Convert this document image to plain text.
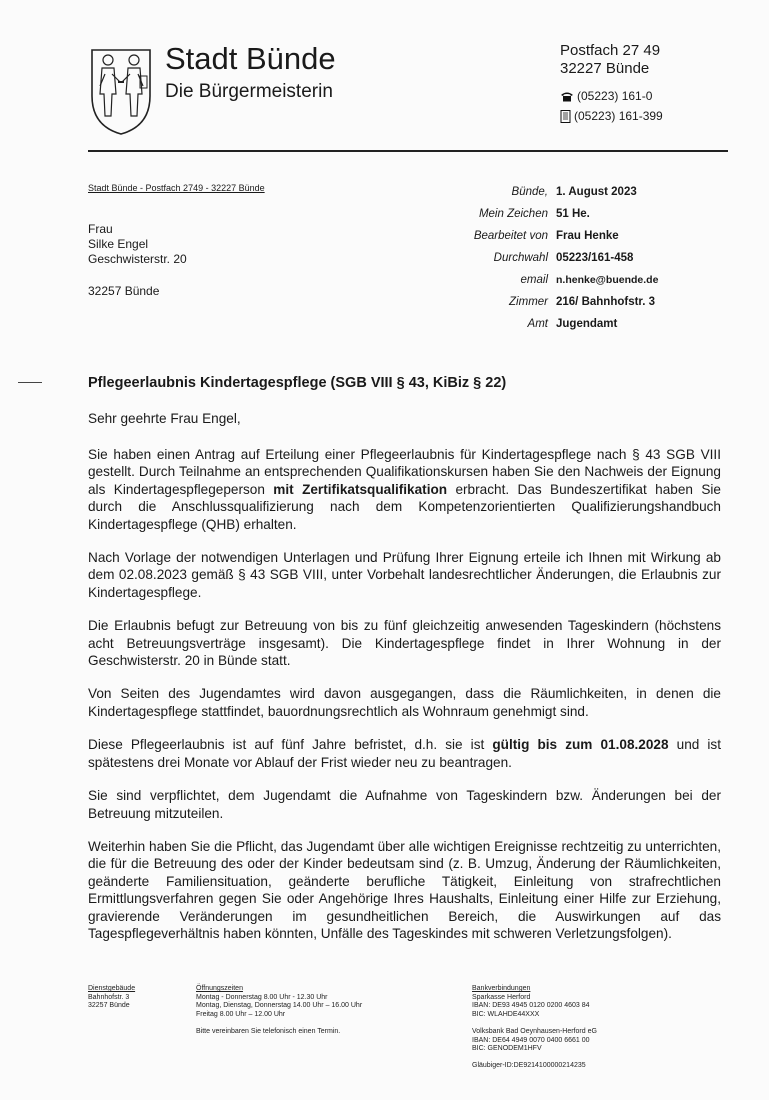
Stadt Bünde
Die Bürgermeisterin
Postfach 27 49
32227 Bünde
(05223) 161-0
(05223) 161-399
Stadt Bünde - Postfach 2749 - 32227 Bünde
Frau
Silke Engel
Geschwisterstr. 20
32257 Bünde
Bünde, 1. August 2023
Mein Zeichen 51 He.
Bearbeitet von Frau Henke
Durchwahl 05223/161-458
email n.henke@buende.de
Zimmer 216/ Bahnhofstr. 3
Amt Jugendamt
Pflegeerlaubnis Kindertagespflege (SGB VIII § 43, KiBiz § 22)
Sehr geehrte Frau Engel,

Sie haben einen Antrag auf Erteilung einer Pflegeerlaubnis für Kindertagespflege nach § 43 SGB VIII gestellt. Durch Teilnahme an entsprechenden Qualifikationskursen haben Sie den Nachweis der Eignung als Kindertagespflegeperson mit Zertifikatsqualifikation erbracht. Das Bundeszertifikat haben Sie durch die Anschlussqualifizierung nach dem Kompetenzorientierten Qualifizierungshandbuch Kindertagespflege (QHB) erhalten.

Nach Vorlage der notwendigen Unterlagen und Prüfung Ihrer Eignung erteile ich Ihnen mit Wirkung ab dem 02.08.2023 gemäß § 43 SGB VIII, unter Vorbehalt landesrechtlicher Änderungen, die Erlaubnis zur Kindertagespflege.

Die Erlaubnis befugt zur Betreuung von bis zu fünf gleichzeitig anwesenden Tageskindern (höchstens acht Betreuungsverträge insgesamt). Die Kindertagespflege findet in Ihrer Wohnung in der Geschwisterstr. 20 in Bünde statt.

Von Seiten des Jugendamtes wird davon ausgegangen, dass die Räumlichkeiten, in denen die Kindertagespflege stattfindet, bauordnungsrechtlich als Wohnraum genehmigt sind.

Diese Pflegeerlaubnis ist auf fünf Jahre befristet, d.h. sie ist gültig bis zum 01.08.2028 und ist spätestens drei Monate vor Ablauf der Frist wieder neu zu beantragen.

Sie sind verpflichtet, dem Jugendamt die Aufnahme von Tageskindern bzw. Änderungen bei der Betreuung mitzuteilen.

Weiterhin haben Sie die Pflicht, das Jugendamt über alle wichtigen Ereignisse rechtzeitig zu unterrichten, die für die Betreuung des oder der Kinder bedeutsam sind (z. B. Umzug, Änderung der Räumlichkeiten, geänderte Familiensituation, geänderte berufliche Tätigkeit, Einleitung von strafrechtlichen Ermittlungsverfahren gegen Sie oder Angehörige Ihres Haushalts, Einleitung einer Hilfe zur Erziehung, gravierende Veränderungen im gesundheitlichen Bereich, die Auswirkungen auf das Tagespflegeverhältnis haben könnten, Unfälle des Tageskindes mit schweren Verletzungsfolgen).

Dienstgebäude
Bahnhofstr. 3
32257 Bünde
Öffnungszeiten
Montag - Donnerstag 8.00 Uhr - 12.30 Uhr
Montag, Dienstag, Donnerstag 14.00 Uhr – 16.00 Uhr
Freitag 8.00 Uhr – 12.00 Uhr
Bitte vereinbaren Sie telefonisch einen Termin.
Bankverbindungen
Sparkasse Herford
IBAN: DE93 4945 0120 0200 4603 84
BIC: WLAHDE44XXX
Volksbank Bad Oeynhausen-Herford eG
IBAN: DE64 4949 0070 0400 6661 00
BIC: GENODEM1HFV
Gläubiger-ID:DE9214100000214235
